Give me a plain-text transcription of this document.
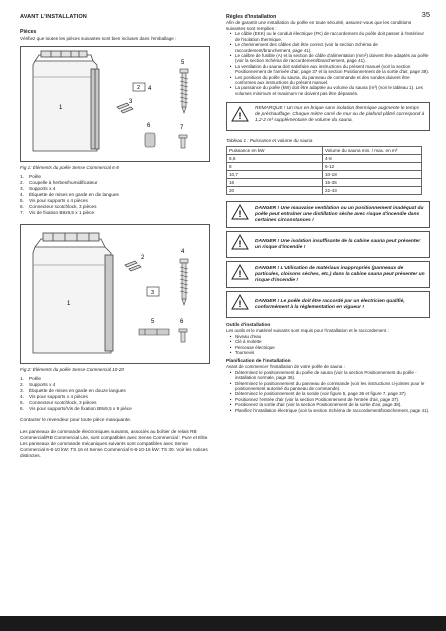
35
AVANT L'INSTALLATION
Pièces
Vérifiez que toutes les pièces suivantes sont bien incluses dans l'emballage :
1
4
2
3
5
6	7
Fig 1: Éléments du poêle Sense Commercial 6-8
1.	Poêle
2.	Coupelle à herbes/humidificateur
3.	Supports x 4
4.	Étiquette de mises en garde en dix langues
5.	Vis pour supports x 4 pièces
6.	Connecteur scotchlock, 3 pièces
7.	Vis de fixation B8x9,5 x 1 pièce
1
2
3
4
5	6
Fig 2: Éléments du poêle Sense Commercial 10-20
1.	Poêle
2.	Supports x 4
3.	Étiquette de mises en garde en douze langues
4.	Vis pour supports x 4 pièces
5.	Connecteur scotchlock, 3 pièces
6.	Vis pour supports/Vis de fixation B8x9,5 x 9 pièce
Contacter le revendeur pour toute pièce manquante.
Les panneaux de commande électroniques suivants, associés au boîtier de relais RB Commercial/RB Commercial Lite, sont compatibles avec Sense Commercial : Pure et Elite. Les panneaux de commande mécaniques suivants sont compatibles avec Sense Commercial 6-8-10 kW: TS 16 et Sense Commercial 6-8-10-16 kW: TS 30. Voir les notices distinctes.
Règles d'installation
Afin de garantir une installation du poêle en toute sécurité, assurez-vous que les conditions suivantes sont remplies :
• Le câble (EKK) ou le conduit électrique (FK) de raccordement du poêle doit passer à l'extérieur de l'isolation thermique.
• Le cheminement des câbles doit être correct (voir la section Schéma de raccordement/branchement, page 41).
• Le calibre de fusible (A) et la section de câble d'alimentation (mm²) doivent être adaptés au poêle (voir la section Schéma de raccordement/branchement, page 41).
• La ventilation du sauna doit satisfaire aux instructions du présent manuel (voir la section Positionnement de l'arrivée d'air, page 37 et la section Positionnement de la sortie d'air, page 38).
• Les positions du poêle du sauna, du panneau de commande et des sondes doivent être conformes aux instructions du présent manuel.
• La puissance du poêle (kW) doit être adaptée au volume du sauna (m³) (voir le tableau 1). Les volumes minimum et maximum ne doivent pas être dépassés.
!
REMARQUE ! Un mur en brique sans isolation thermique augmente le temps de préchauffage. Chaque mètre carré de mur ou de plafond plâtré correspond à 1,2-2 m³ supplémentaire de volume du sauna.
Tableau 1 : Puissance et volume du sauna
Puissance en kW	Volume du sauna min. / max. en m³
6,6	4-8
8	6-12
10,7	10-18
16	15-35
20	22-43
!
DANGER ! Une mauvaise ventilation ou un positionnement inadéquat du poêle peut entraîner une distillation sèche avec risque d'incendie dans certaines circonstances !
!	DANGER ! Une isolation insuffisante de la cabine sauna peut présenter un risque d'incendie !
!
DANGER ! L'utilisation de matériaux inappropriés (panneaux de particules, cloisons sèches, etc.) dans la cabine sauna peut présenter un risque d'incendie !
!	DANGER ! Le poêle doit être raccordé par un électricien qualifié, conformément à la réglementation en vigueur !
Outils d'installation
Les outils et le matériel suivants sont requis pour l'installation et le raccordement :
• Niveau d'eau
• Clé à molette
• Perceuse électrique
• Tournevis
Planification de l'installation
Avant de commencer l'installation de votre poêle de sauna :
• Déterminez le positionnement du poêle de sauna (voir la section Positionnement du poêle - installation normale, page 36).
• Déterminez le positionnement du panneau de commande (voir les instructions ci-jointes pour le positionnement autorisé du panneau de commande).
• Déterminez le positionnement de la sonde (voir figure 5, page 36 et figure 7, page 37)
• Positionnez l'entrée d'air (voir la section Positionnement de l'entrée d'air, page 37).
• Positionnez la sortie d'air (voir la section Positionnement de la sortie d'air, page 38).
• Planifiez l'installation électrique (voir la section Schéma de raccordement/branchement, page 41).
